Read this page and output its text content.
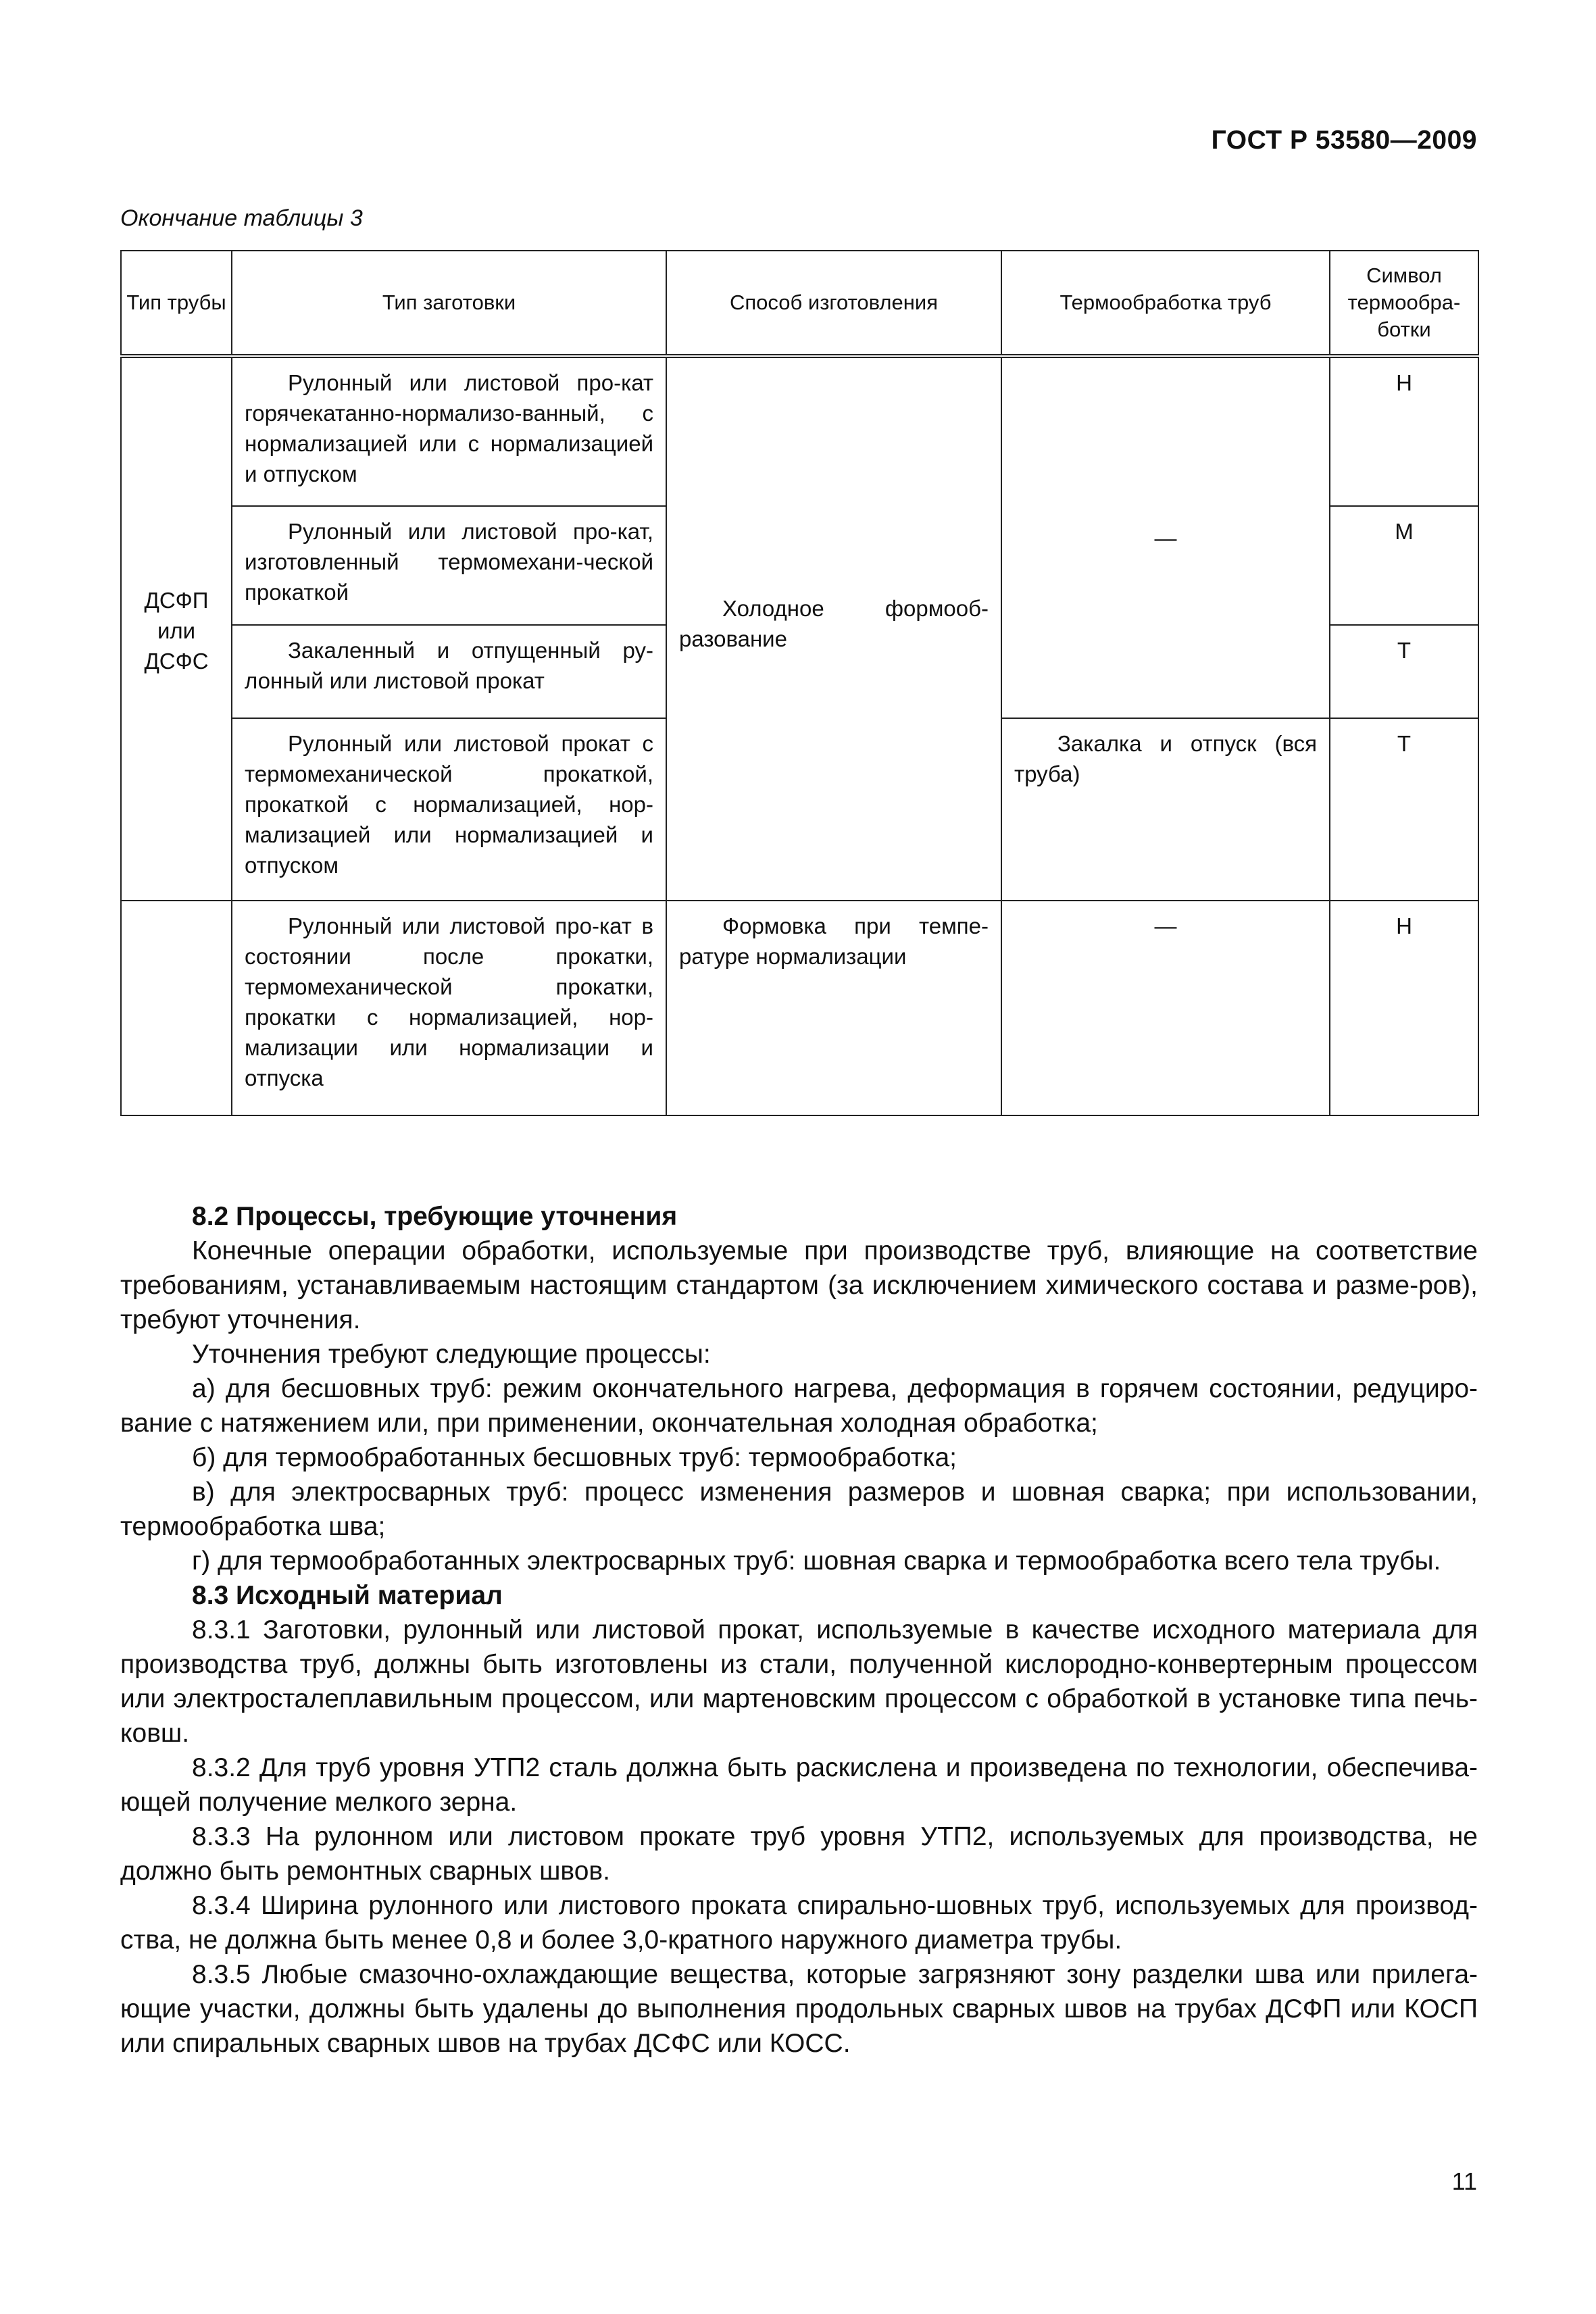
ГОСТ Р 53580—2009
Окончание таблицы 3
Тип трубы	Тип заготовки	Способ изготовления	Термообработка труб	Символ термообра-ботки

ДСФП или ДСФС	Рулонный или листовой про-кат горячекатанно-нормализо-ванный, с нормализацией или с нормализацией и отпуском	Холодное формооб-разование	—	Н

	Рулонный или листовой про-кат, изготовленный термомехани-ческой прокаткой			М

	Закаленный и отпущенный ру-лонный или листовой прокат			Т

	Рулонный или листовой прокат с термомеханической прокаткой, прокаткой с нормализацией, нор-мализацией или нормализацией и отпуском		Закалка и отпуск (вся труба)	Т

	Рулонный или листовой про-кат в состоянии после прокатки, термомеханической прокатки, прокатки с нормализацией, нор-мализации или нормализации и отпуска	Формовка при темпе-ратуре нормализации	—	Н

8.2 Процессы, требующие уточнения

Конечные операции обработки, используемые при производстве труб, влияющие на соответствие требованиям, устанавливаемым настоящим стандартом (за исключением химического состава и разме-ров), требуют уточнения.

Уточнения требуют следующие процессы:

а) для бесшовных труб: режим окончательного нагрева, деформация в горячем состоянии, редуциро-вание с натяжением или, при применении, окончательная холодная обработка;

б) для термообработанных бесшовных труб: термообработка;

в) для электросварных труб: процесс изменения размеров и шовная сварка; при использовании, термообработка шва;

г) для термообработанных электросварных труб: шовная сварка и термообработка всего тела трубы.

8.3 Исходный материал

8.3.1 Заготовки, рулонный или листовой прокат, используемые в качестве исходного материала для производства труб, должны быть изготовлены из стали, полученной кислородно-конвертерным процессом или электросталеплавильным процессом, или мартеновским процессом с обработкой в установке типа печь-ковш.

8.3.2 Для труб уровня УТП2 сталь должна быть раскислена и произведена по технологии, обеспечива-ющей получение мелкого зерна.

8.3.3 На рулонном или листовом прокате труб уровня УТП2, используемых для производства, не должно быть ремонтных сварных швов.

8.3.4 Ширина рулонного или листового проката спирально-шовных труб, используемых для производ-ства, не должна быть менее 0,8 и более 3,0-кратного наружного диаметра трубы.

8.3.5 Любые смазочно-охлаждающие вещества, которые загрязняют зону разделки шва или прилега-ющие участки, должны быть удалены до выполнения продольных сварных швов на трубах ДСФП или КОСП или спиральных сварных швов на трубах ДСФС или КОСС.

11
